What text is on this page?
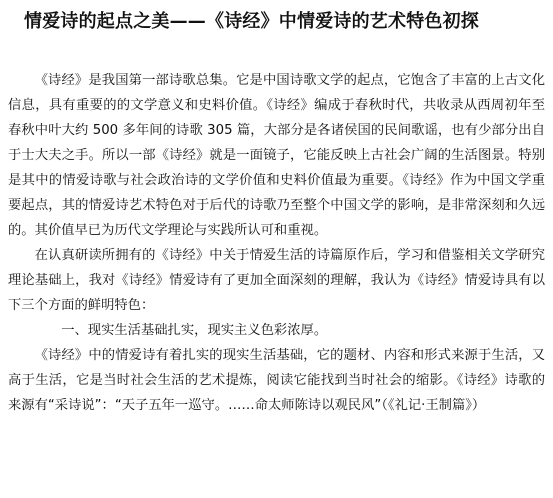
情爱诗的起点之美——《诗经》中情爱诗的艺术特色初探

《诗经》是我国第一部诗歌总集。它是中国诗歌文学的起点，它饱含了丰富的上古文化信息，具有重要的的文学意义和史料价值。《诗经》编成于春秋时代，共收录从西周初年至春秋中叶大约 500 多年间的诗歌 305 篇，大部分是各诸侯国的民间歌谣，也有少部分出自于士大夫之手。所以一部《诗经》就是一面镜子，它能反映上古社会广阔的生活图景。特别是其中的情爱诗歌与社会政治诗的文学价值和史料价值最为重要。《诗经》作为中国文学重要起点，其的情爱诗艺术特色对于后代的诗歌乃至整个中国文学的影响，是非常深刻和久远的。其价值早已为历代文学理论与实践所认可和重视。

在认真研读所拥有的《诗经》中关于情爱生活的诗篇原作后，学习和借鉴相关文学研究理论基础上，我对《诗经》情爱诗有了更加全面深刻的理解，我认为《诗经》情爱诗具有以下三个方面的鲜明特色：

一、现实生活基础扎实，现实主义色彩浓厚。

《诗经》中的情爱诗有着扎实的现实生活基础，它的题材、内容和形式来源于生活，又高于生活，它是当时社会生活的艺术提炼，阅读它能找到当时社会的缩影。《诗经》诗歌的来源有“采诗说”：“天子五年一巡守。……命太师陈诗以观民风”（《礼记·王制篇》）
